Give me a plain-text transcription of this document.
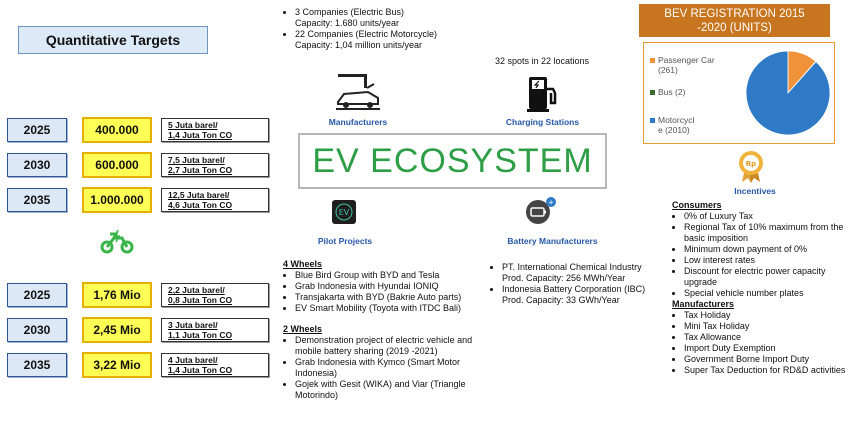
Quantitative Targets
2025	400.000	5 Juta barel/
1,4 Juta Ton CO
2030	600.000	7,5 Juta barel/
2,7 Juta Ton CO
2035	1.000.000	12,5 Juta barel/
4,6 Juta Ton CO
2025	1,76 Mio	2,2 Juta barel/
0,8 Juta Ton CO
2030	2,45 Mio	3 Juta barel/
1,1 Juta Ton CO
2035	3,22 Mio	4 Juta barel/
1,4 Juta Ton CO
• 3 Companies (Electric Bus)
Capacity: 1.680 units/year
• 22 Companies (Electric Motorcycle)
Capacity: 1,04 million units/year
32 spots in 22 locations
Manufacturers	Charging Stations
EV ECOSYSTEM
EV
Pilot Projects
+
Battery Manufacturers
4 Wheels
• Blue Bird Group with BYD and Tesla
• Grab Indonesia with Hyundai IONIQ
• Transjakarta with BYD (Bakrie Auto parts)
• EV Smart Mobility (Toyota with ITDC Bali)
2 Wheels
• Demonstration project of electric vehicle and mobile battery sharing (2019 -2021)
• Grab Indonesia with Kymco (Smart Motor Indonesia)
• Gojek with Gesit (WIKA) and Viar (Triangle Motorindo)
• PT. International Chemical Industry Prod. Capacity: 256 MWh/Year
• Indonesia Battery Corporation (IBC) Prod. Capacity: 33 GWh/Year
BEV REGISTRATION 2015
-2020 (UNITS)
Passenger Car
(261)
Bus (2)
Motorcycl
e (2010)
Rp
Incentives
Consumers
• 0% of Luxury Tax
• Regional Tax of 10% maximum from the basic imposition
• Minimum down payment of 0%
• Low interest rates
• Discount for electric power capacity upgrade
• Special vehicle number plates
Manufacturers
• Tax Holiday
• Mini Tax Holiday
• Tax Allowance
• Import Duty Exemption
• Government Borne Import Duty
• Super Tax Deduction for RD&D activities
